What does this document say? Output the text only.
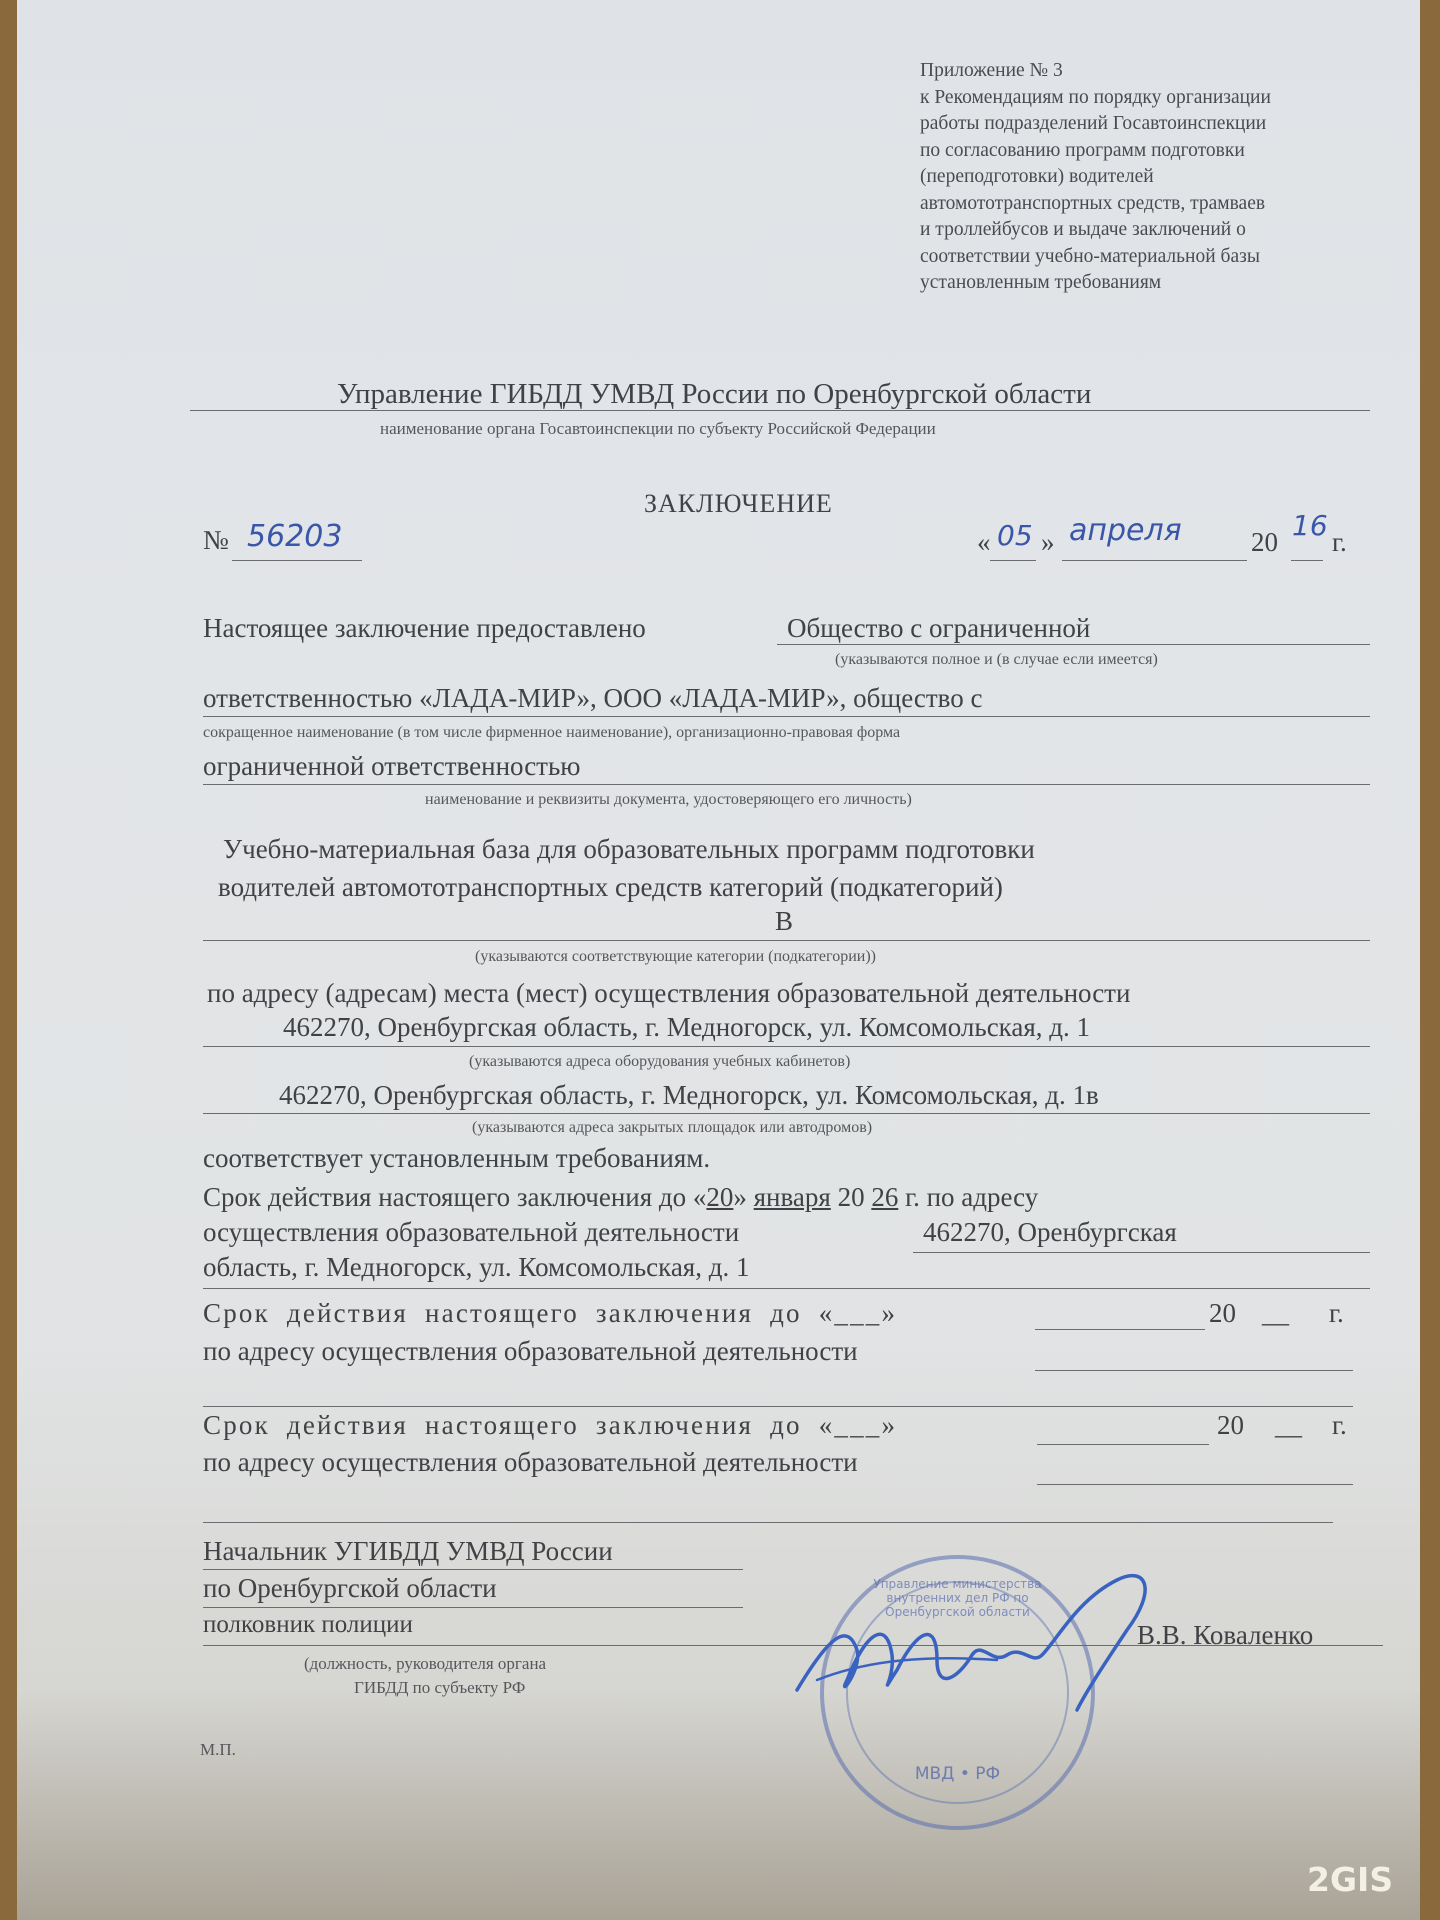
Приложение № 3
к Рекомендациям по порядку организации
работы подразделений Госавтоинспекции
по согласованию программ подготовки
(переподготовки) водителей
автомототранспортных средств, трамваев
и троллейбусов и выдаче заключений о
соответствии учебно-материальной базы
установленным требованиям
Управление ГИБДД УМВД России по Оренбургской области
наименование органа Госавтоинспекции по субъекту Российской Федерации
ЗАКЛЮЧЕНИЕ
№ 56203	« 05 » апреля	20 16 г.
Настоящее заключение предоставлено	Общество с ограниченной
(указываются полное и (в случае если имеется)
ответственностью «ЛАДА-МИР», ООО «ЛАДА-МИР», общество с
сокращенное наименование (в том числе фирменное наименование), организационно-правовая форма
ограниченной ответственностью
наименование и реквизиты документа, удостоверяющего его личность)
Учебно-материальная база для образовательных программ подготовки
водителей автомототранспортных средств категорий (подкатегорий)
B
(указываются соответствующие категории (подкатегории))
по адресу (адресам) места (мест) осуществления образовательной деятельности
462270, Оренбургская область, г. Медногорск, ул. Комсомольская, д. 1
(указываются адреса оборудования учебных кабинетов)
462270, Оренбургская область, г. Медногорск, ул. Комсомольская, д. 1в
(указываются адреса закрытых площадок или автодромов)
соответствует установленным требованиям.
Срок действия настоящего заключения до «20» января 20 26 г. по адресу
осуществления образовательной деятельности	462270, Оренбургская
область, г. Медногорск, ул. Комсомольская, д. 1
Срок действия настоящего заключения до «___»	20 __ г.
по адресу осуществления образовательной деятельности
Срок действия настоящего заключения до «___»	20 __ г.
по адресу осуществления образовательной деятельности
Начальник УГИБДД УМВД России
по Оренбургской области
полковник полиции
(должность, руководителя органа
ГИБДД по субъекту РФ
М.П.
В.В. Коваленко
Управление министерства внутренних дел РФ по Оренбургской области
МВД • РФ
2GIS
